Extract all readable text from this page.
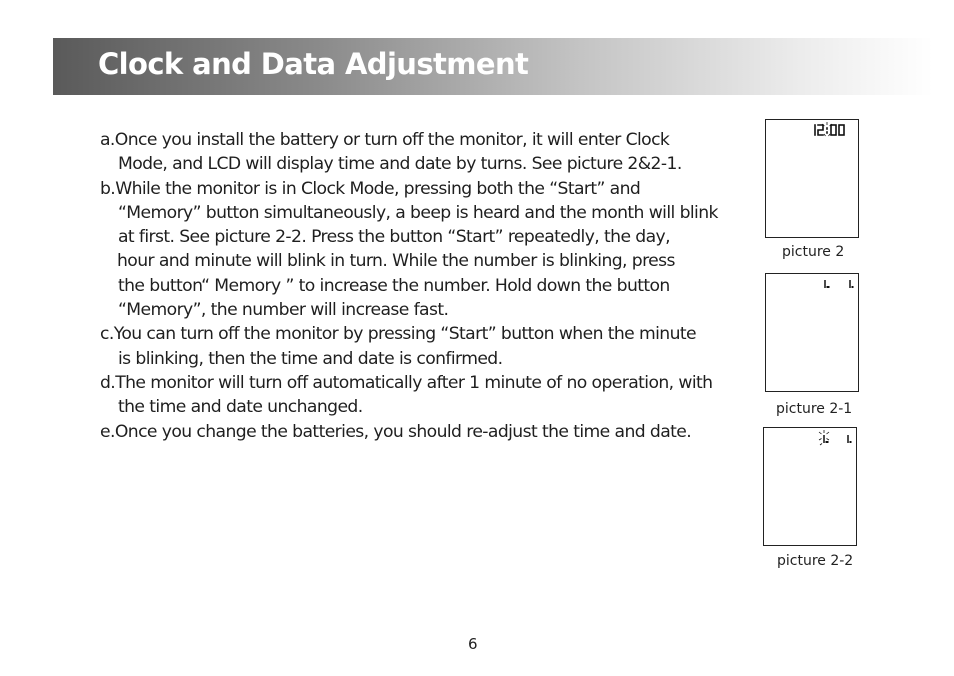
Clock and Data Adjustment
a. Once you install the battery or turn off the monitor, it will enter Clock
Mode, and LCD will display time and date by turns. See picture 2&2-1.
b. While the monitor is in Clock Mode, pressing both the “Start” and
“Memory” button simultaneously, a beep is heard and the month will blink
at first. See picture 2-2. Press the button “Start” repeatedly, the day,
hour and minute will blink in turn. While the number is blinking, press
the button“ Memory ” to increase the number. Hold down the button
“Memory”, the number will increase fast.
c. You can turn off the monitor by pressing “Start” button when the minute
is blinking, then the time and date is confirmed.
d. The monitor will turn off automatically after 1 minute of no operation, with
the time and date unchanged.
e. Once you change the batteries, you should re-adjust the time and date.
picture 2
picture 2-1
picture 2-2
6
